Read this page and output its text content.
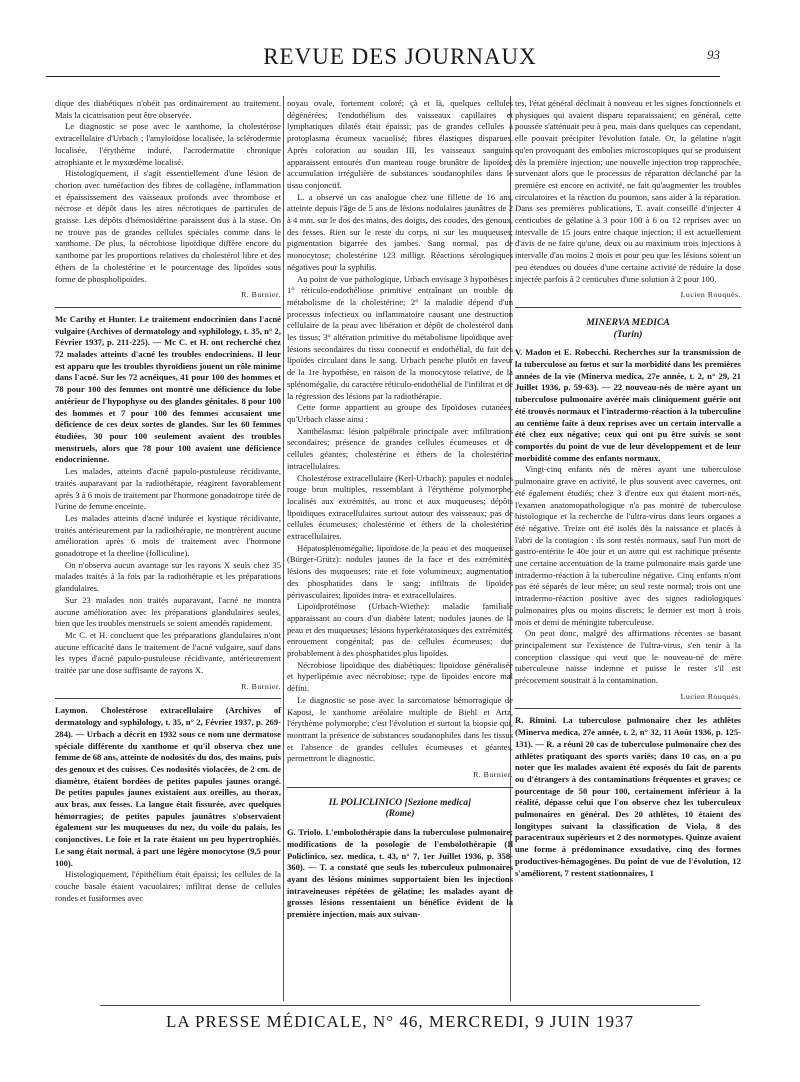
REVUE DES JOURNAUX	93

dique des diabétiques n'obéit pas ordinairement au traitement. Mais la cicatrisation peut être observée.

Le diagnostic se pose avec le xanthome, la cholestérose extracellulaire d'Urbach ; l'amyloïdose localisée, la sclérodermie localisée, l'érythème induré, l'acrodermatite chronique atrophiante et le myxœdème localisé.

Histologiquement, il s'agit essentiellement d'une lésion de chorion avec tuméfaction des fibres de collagène, inflammation et épaississement des vaisseaux profonds avec thrombose et nécrose et dépôt dans les aires nécrotiques de particules de graisse. Les dépôts d'hémosidérine paraissent dus à la stase. On ne trouve pas de grandes cellules spéciales comme dans le xanthome. De plus, la nécrobiose lipoïdique diffère encore du xanthome par les proportions relatives du cholestérol libre et des éthers de la cholestérine et le pourcentage des lipoïdes sous forme de phospholipoïdes.

R. Burnier.

Mc Carthy et Hunter. Le traitement endocrinien dans l'acné vulgaire (Archives of dermatology and syphilology, t. 35, n° 2, Février 1937, p. 211-225). — Mc C. et H. ont recherché chez 72 malades atteints d'acné les troubles endocriniens. Il leur est apparu que les troubles thyroïdiens jouent un rôle minime dans l'acné. Sur les 72 acnéiques, 41 pour 100 des hommes et 78 pour 100 des femmes ont montré une déficience du lobe antérieur de l'hypophyse ou des glandes génitales. 8 pour 100 des hommes et 7 pour 100 des femmes accusaient une déficience de ces deux sortes de glandes. Sur les 60 femmes étudiées, 30 pour 100 seulement avaient des troubles menstruels, alors que 78 pour 100 avaient une déficience endocrinienne.

Les malades, atteints d'acné papulo-pustuleuse récidivante, traités auparavant par la radiothérapie, réagirent favorablement après 3 à 6 mois de traitement par l'hormone gonadotrope tirée de l'urine de femme enceinte.

Les malades atteints d'acné indurée et kystique récidivante, traités antérieurement par la radiothérapie, ne montrèrent aucune amélioration après 6 mois de traitement avec l'hormone gonadotrope et la theeline (folliculine).

On n'observa aucun avantage sur les rayons X seuls chez 35 malades traités à la fois par la radiothérapie et les préparations glandulaires.

Sur 23 malades non traités auparavant, l'acné ne montra aucune amélioration avec les préparations glandulaires seules, bien que les troubles menstruels se soient amendés rapidement.

Mc C. et H. concluent que les préparations glandulaires n'ont aucune efficacité dans le traitement de l'acné vulgaire, sauf dans les types d'acné papulo-pustuleuse récidivante, antérieurement traitée par une dose suffisante de rayons X.

R. Burnier.

Laymon. Cholestérose extracellulaire (Archives of dermatology and syphilology, t. 35, n° 2, Février 1937, p. 269-284). — Urbach a décrit en 1932 sous ce nom une dermatose spéciale différente du xanthome et qu'il observa chez une femme de 68 ans, atteinte de nodosités du dos, des mains, puis des genoux et des cuisses. Ces nodosités violacées, de 2 cm. de diamètre, étaient bordées de petites papules jaunes orangé. De petites papules jaunes existaient aux oreilles, au thorax, aux bras, aux fesses. La langue était fissurée, avec quelques hémorragies; de petites papules jaunâtres s'observaient également sur les muqueuses du nez, du voile du palais, les conjonctives. Le foie et la rate étaient un peu hypertrophiés. Le sang était normal, à part une légère monocytose (9,5 pour 100).

Histologiquement, l'épithélium était épaissi; les cellules de la couche basale étaient vacuolaires; infiltrat dense de cellules rondes et fusiformes avec

noyau ovale, fortement coloré; çà et là, quelques cellules dégénérées; l'endothélium des vaisseaux capillaires et lymphatiques dilatés était épaissi; pas de grandes cellules à protoplasma écumeux vacuolisé; fibres élastiques disparues. Après coloration au soudan III, les vaisseaux sanguins apparaissent entourés d'un manteau rouge brunâtre de lipoïdes; accumulation irrégulière de substances soudanophiles dans le tissu conjonctif.

L. a observé un cas analogue chez une fillette de 16 ans, atteinte depuis l'âge de 5 ans de lésions nodulaires jaunâtres de 2 à 4 mm. sur le dos des mains, des doigts, des coudes, des genoux, des fesses. Rien sur le reste du corps, ni sur les muqueuses; pigmentation bigarrée des jambes. Sang normal, pas de monocytose; cholestérine 123 milligr. Réactions sérologiques négatives pour la syphilis.

Au point de vue pathologique, Urbach envisage 3 hypothèses : 1° réticulo-endothéliose primitive entraînant un trouble du métabolisme de la cholestérine; 2° la maladie dépend d'un processus infectieux ou inflammatoire causant une destruction cellulaire de la peau avec libération et dépôt de cholestérol dans les tissus; 3° altération primitive du métabolisme lipoïdique avec lésions secondaires du tissu connectif et endothélial, du fait des lipoïdes circulant dans le sang. Urbach penche plutôt en faveur de la 1re hypothèse, en raison de la monocytose relative, de la splénomégalie, du caractère réticulo-endothélial de l'infiltrat et de la régression des lésions par la radiothérapie.

Cette forme appartient au groupe des lipoïdoses cutanées, qu'Urbach classe ainsi :

Xanthélasma: lésion palpébrale principale avec infiltrations secondaires; présence de grandes cellules écumeuses et de cellules géantes; cholestérine et éthers de la cholestérine intracellulaires.

Cholestérose extracellulaire (Kerl-Urbach): papules et nodules rouge brun multiples, ressemblant à l'érythème polymorphe, localisés aux extrémités, au tronc et aux muqueuses; dépôts lipoïdiques extracellulaires surtout autour des vaisseaux; pas de cellules écumeuses; cholestérine et éthers de la cholestérine extracellulaires.

Hépatosplénomégalie; lipoïdose de la peau et des muqueuses (Bürger-Grütz): nodules jaunes de la face et des extrémités; lésions des muqueuses; rate et foie volumineux; augmentation des phosphatides dans le sang; infiltrats de lipoïdes périvasculaires; lipoïdes intra- et extracellulaires.

Lipoïdprotéinose (Urbach-Wiethe): maladie familiale apparaissant au cours d'un diabète latent; nodules jaunes de la peau et des muqueuses; lésions hyperkératosiques des extrémités; enrouement congénital; pas de cellules écumeuses; due probablement à des phosphatides plus lipoïdes.

Nécrobiose lipoïdique des diabétiques: lipoïdose généralisée et hyperlipémie avec nécrobiose; type de lipoïdes encore mal défini.

Le diagnostic se pose avec la sarcomatose hémorragique de Kaposi, le xanthome aréolaire multiple de Biehl et Artz, l'érythème polymorphe; c'est l'évolution et surtout la biopsie qui, montrant la présence de substances soudanophiles dans les tissus et l'absence de grandes cellules écumeuses et géantes, permettront le diagnostic.

R. Burnier.
IL POLICLINICO [Sezione medica]
(Rome)

G. Triolo. L'embolothérapie dans la tuberculose pulmonaire; modifications de la posologie de l'embolothérapie (Il Policlinico, sez. medica, t. 43, n° 7, 1er Juillet 1936, p. 358-360). — T. a constaté que seuls les tuberculeux pulmonaires ayant des lésions minimes supportaient bien les injections intraveineuses répétées de gélatine; les malades ayant de grosses lésions ressentaient un bénéfice évident de la première injection, mais aux suivan-

tes, l'état général déclinait à nouveau et les signes fonctionnels et physiques qui avaient disparu reparaissaient; en général, cette poussée s'atténuait peu à peu, mais dans quelques cas cependant, elle pouvait précipiter l'évolution fatale. Or, la gélatine n'agit qu'en provoquant des embolies microscopiques qui se produisent dès la première injection; une nouvelle injection trop rapprochée, survenant alors que le processus de réparation déclanché par la première est encore en activité, ne fait qu'augmenter les troubles circulatoires et la réaction du poumon, sans aider à la réparation. Dans ses premières publications, T. avait conseillé d'injecter 4 centicubes de gélatine à 3 pour 100 à 6 ou 12 reprises avec un intervalle de 15 jours entre chaque injection; il est actuellement d'avis de ne faire qu'une, deux ou au maximum trois injections à intervalle d'au moins 2 mois et pour peu que les lésions soient un peu étendues ou douées d'une certaine activité de réduire la dose injectée parfois à 2 centicubes d'une solution à 2 pour 100.

Lucien Rouquès.
MINERVA MEDICA
(Turin)

V. Madon et E. Robecchi. Recherches sur la transmission de la tuberculose au fœtus et sur la morbidité dans les premières années de la vie (Minerva medica, 27e année, t. 2, n° 29, 21 Juillet 1936, p. 59-63). — 22 nouveau-nés de mère ayant un tuberculose pulmonaire avérée mais cliniquement guérie ont été trouvés normaux et l'intradermo-réaction à la tuberculine au centième faite à deux reprises avec un certain intervalle a été chez eux négative; ceux qui ont pu être suivis se sont comportés du point de vue de leur développement et de leur morbidité comme des enfants normaux.

Vingt-cinq enfants nés de mères ayant une tuberculose pulmonaire grave en activité, le plus souvent avec cavernes, ont été également étudiés; chez 3 d'entre eux qui étaient mort-nés, l'examen anatomopathologique n'a pas montré de tuberculose histologique et la recherche de l'ultra-virus dans leurs organes a été négative. Treize ont été isolés dès la naissance et placés à l'abri de la contagion : ils sont restés normaux, sauf l'un mort de gastro-entérite le 40e jour et un autre qui est rachitique présente une certaine accentuation de la trame pulmonaire mais garde une intradermo-réaction à la tuberculine négative. Cinq enfants n'ont pas été séparés de leur mère; un seul reste normal; trois ont une intradermo-réaction positive avec des signes radiologiques pulmonaires plus ou moins discrets; le dernier est mort à trois mois et demi de méningite tuberculeuse.

On peut donc, malgré des affirmations récentes se basant principalement sur l'existence de l'ultra-virus, s'en tenir à la conception classique qui veut que le nouveau-né de mère tuberculeuse naisse indemne et puisse le rester s'il est précocement soustrait à la contamination.

Lucien Rouquès.

R. Rimini. La tuberculose pulmonaire chez les athlètes (Minerva medica, 27e année, t. 2, n° 32, 11 Août 1936, p. 125-131). — R. a réuni 20 cas de tuberculose pulmonaire chez des athlètes pratiquant des sports variés; dans 10 cas, on a pu noter que les malades avaient été exposés du fait de parents ou d'étrangers à des contaminations fréquentes et graves; ce pourcentage de 50 pour 100, certainement inférieur à la réalité, dépasse celui que l'on observe chez les tuberculeux pulmonaires en général. Des 20 athlètes, 10 étaient des longitypes suivant la classification de Viola, 8 des paracentraux supérieurs et 2 des normotypes. Quinze avaient une forme à prédominance exsudative, cinq des formes productives-hémagogènes. Du point de vue de l'évolution, 12 s'améliorent, 7 restent stationnaires, 1

LA PRESSE MÉDICALE, N° 46, MERCREDI, 9 JUIN 1937
